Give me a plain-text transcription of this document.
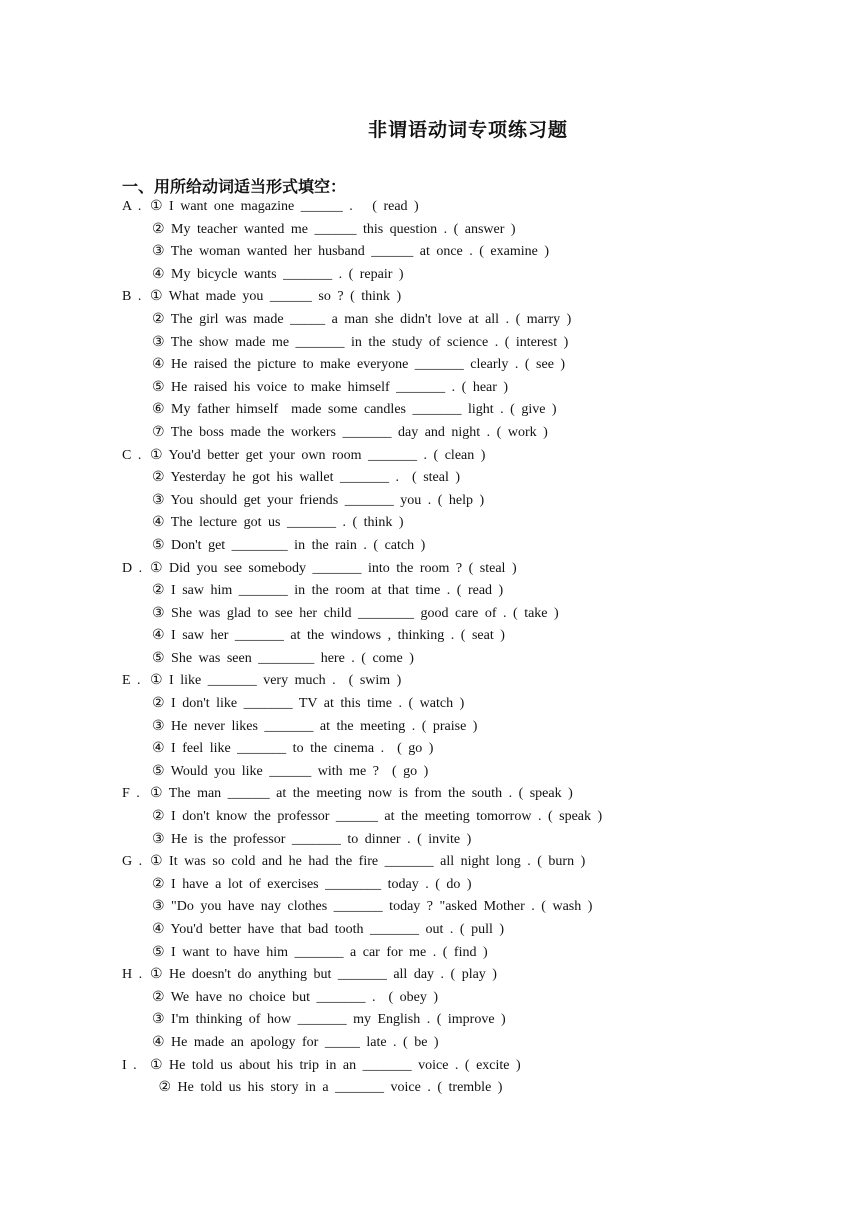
非谓语动词专项练习题
一、用所给动词适当形式填空：
A . ① I want one magazine ______ .   ( read )
② My teacher wanted me ______ this question . ( answer )
③ The woman wanted her husband ______ at once . ( examine )
④ My bicycle wants _______ . ( repair )
B . ① What made you ______ so ? ( think )
② The girl was made _____ a man she didn't love at all . ( marry )
③ The show made me _______ in the study of science . ( interest )
④ He raised the picture to make everyone _______ clearly . ( see )
⑤ He raised his voice to make himself _______ . ( hear )
⑥ My father himself  made some candles _______ light . ( give )
⑦ The boss made the workers _______ day and night . ( work )
C . ① You'd better get your own room _______ . ( clean )
② Yesterday he got his wallet _______ .  ( steal )
③ You should get your friends _______ you . ( help )
④ The lecture got us _______ . ( think )
⑤ Don't get ________ in the rain . ( catch )
D . ① Did you see somebody _______ into the room ? ( steal )
② I saw him _______ in the room at that time . ( read )
③ She was glad to see her child ________ good care of . ( take )
④ I saw her _______ at the windows , thinking . ( seat )
⑤ She was seen ________ here . ( come )
E . ① I like _______ very much .  ( swim )
② I don't like _______ TV at this time . ( watch )
③ He never likes _______ at the meeting . ( praise )
④ I feel like _______ to the cinema .  ( go )
⑤ Would you like ______ with me ?  ( go )
F . ① The man ______ at the meeting now is from the south . ( speak )
② I don't know the professor ______ at the meeting tomorrow . ( speak )
③ He is the professor _______ to dinner . ( invite )
G . ① It was so cold and he had the fire _______ all night long . ( burn )
② I have a lot of exercises ________ today . ( do )
③ "Do you have nay clothes _______ today ? "asked Mother . ( wash )
④ You'd better have that bad tooth _______ out . ( pull )
⑤ I want to have him _______ a car for me . ( find )
H . ① He doesn't do anything but _______ all day . ( play )
② We have no choice but _______ .  ( obey )
③ I'm thinking of how _______ my English . ( improve )
④ He made an apology for _____ late . ( be )
I . ① He told us about his trip in an _______ voice . ( excite )
② He told us his story in a _______ voice . ( tremble )
